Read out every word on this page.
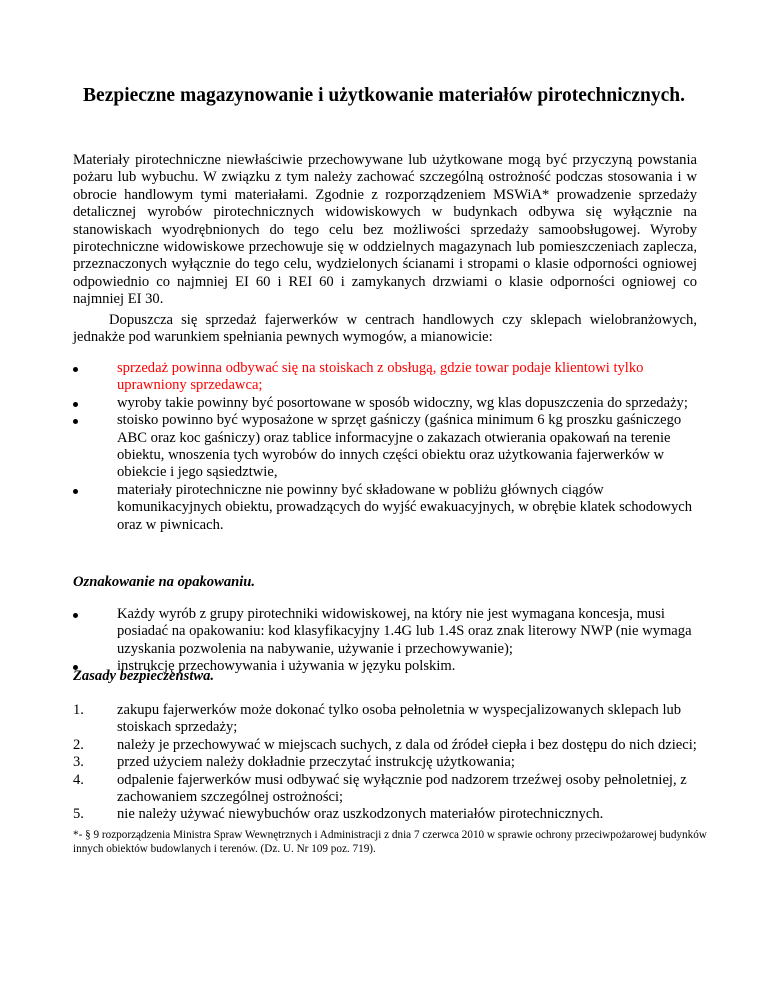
Bezpieczne magazynowanie i użytkowanie materiałów pirotechnicznych.

Materiały pirotechniczne niewłaściwie przechowywane lub użytkowane mogą być przyczyną powstania pożaru lub wybuchu. W związku z tym należy zachować szczególną ostrożność podczas stosowania i w obrocie handlowym tymi materiałami. Zgodnie z rozporządzeniem MSWiA* prowadzenie sprzedaży detalicznej wyrobów pirotechnicznych widowiskowych w budynkach odbywa się wyłącznie na stanowiskach wyodrębnionych do tego celu bez możliwości sprzedaży samoobsługowej. Wyroby pirotechniczne widowiskowe przechowuje się w oddzielnych magazynach lub pomieszczeniach zaplecza, przeznaczonych wyłącznie do tego celu, wydzielonych ścianami i stropami o klasie odporności ogniowej odpowiednio co najmniej EI 60 i REI 60 i zamykanych drzwiami o klasie odporności ogniowej co najmniej EI 30.

Dopuszcza się sprzedaż fajerwerków w centrach handlowych czy sklepach wielobranżowych, jednakże pod warunkiem spełniania pewnych wymogów, a mianowicie:

sprzedaż powinna odbywać się na stoiskach z obsługą, gdzie towar podaje klientowi tylko uprawniony sprzedawca;
wyroby takie powinny być posortowane w sposób widoczny, wg klas dopuszczenia do sprzedaży;
stoisko powinno być wyposażone w sprzęt gaśniczy (gaśnica minimum 6 kg proszku gaśniczego ABC oraz koc gaśniczy) oraz tablice informacyjne o zakazach otwierania opakowań na terenie obiektu, wnoszenia tych wyrobów do innych części obiektu oraz użytkowania fajerwerków w obiekcie i jego sąsiedztwie,
materiały pirotechniczne nie powinny być składowane w pobliżu głównych ciągów komunikacyjnych obiektu, prowadzących do wyjść ewakuacyjnych, w obrębie klatek schodowych oraz w piwnicach.
Oznakowanie na opakowaniu.
Każdy wyrób z grupy pirotechniki widowiskowej, na który nie jest wymagana koncesja, musi posiadać na opakowaniu: kod klasyfikacyjny 1.4G lub 1.4S oraz znak literowy NWP (nie wymaga uzyskania pozwolenia na nabywanie, używanie i przechowywanie);
instrukcję przechowywania i używania w języku polskim.
Zasady bezpieczeństwa.
1.	zakupu fajerwerków może dokonać tylko osoba pełnoletnia w wyspecjalizowanych sklepach lub stoiskach sprzedaży;
2.	należy je przechowywać w miejscach suchych, z dala od źródeł ciepła i bez dostępu do nich dzieci;
3.	przed użyciem należy dokładnie przeczytać instrukcję użytkowania;
4.	odpalenie fajerwerków musi odbywać się wyłącznie pod nadzorem trzeźwej osoby pełnoletniej, z zachowaniem szczególnej ostrożności;
5.	nie należy używać niewybuchów oraz uszkodzonych materiałów pirotechnicznych.

*- § 9 rozporządzenia Ministra Spraw Wewnętrznych i Administracji z dnia 7 czerwca 2010 w sprawie ochrony przeciwpożarowej budynków innych obiektów budowlanych i terenów. (Dz. U. Nr 109 poz. 719).
